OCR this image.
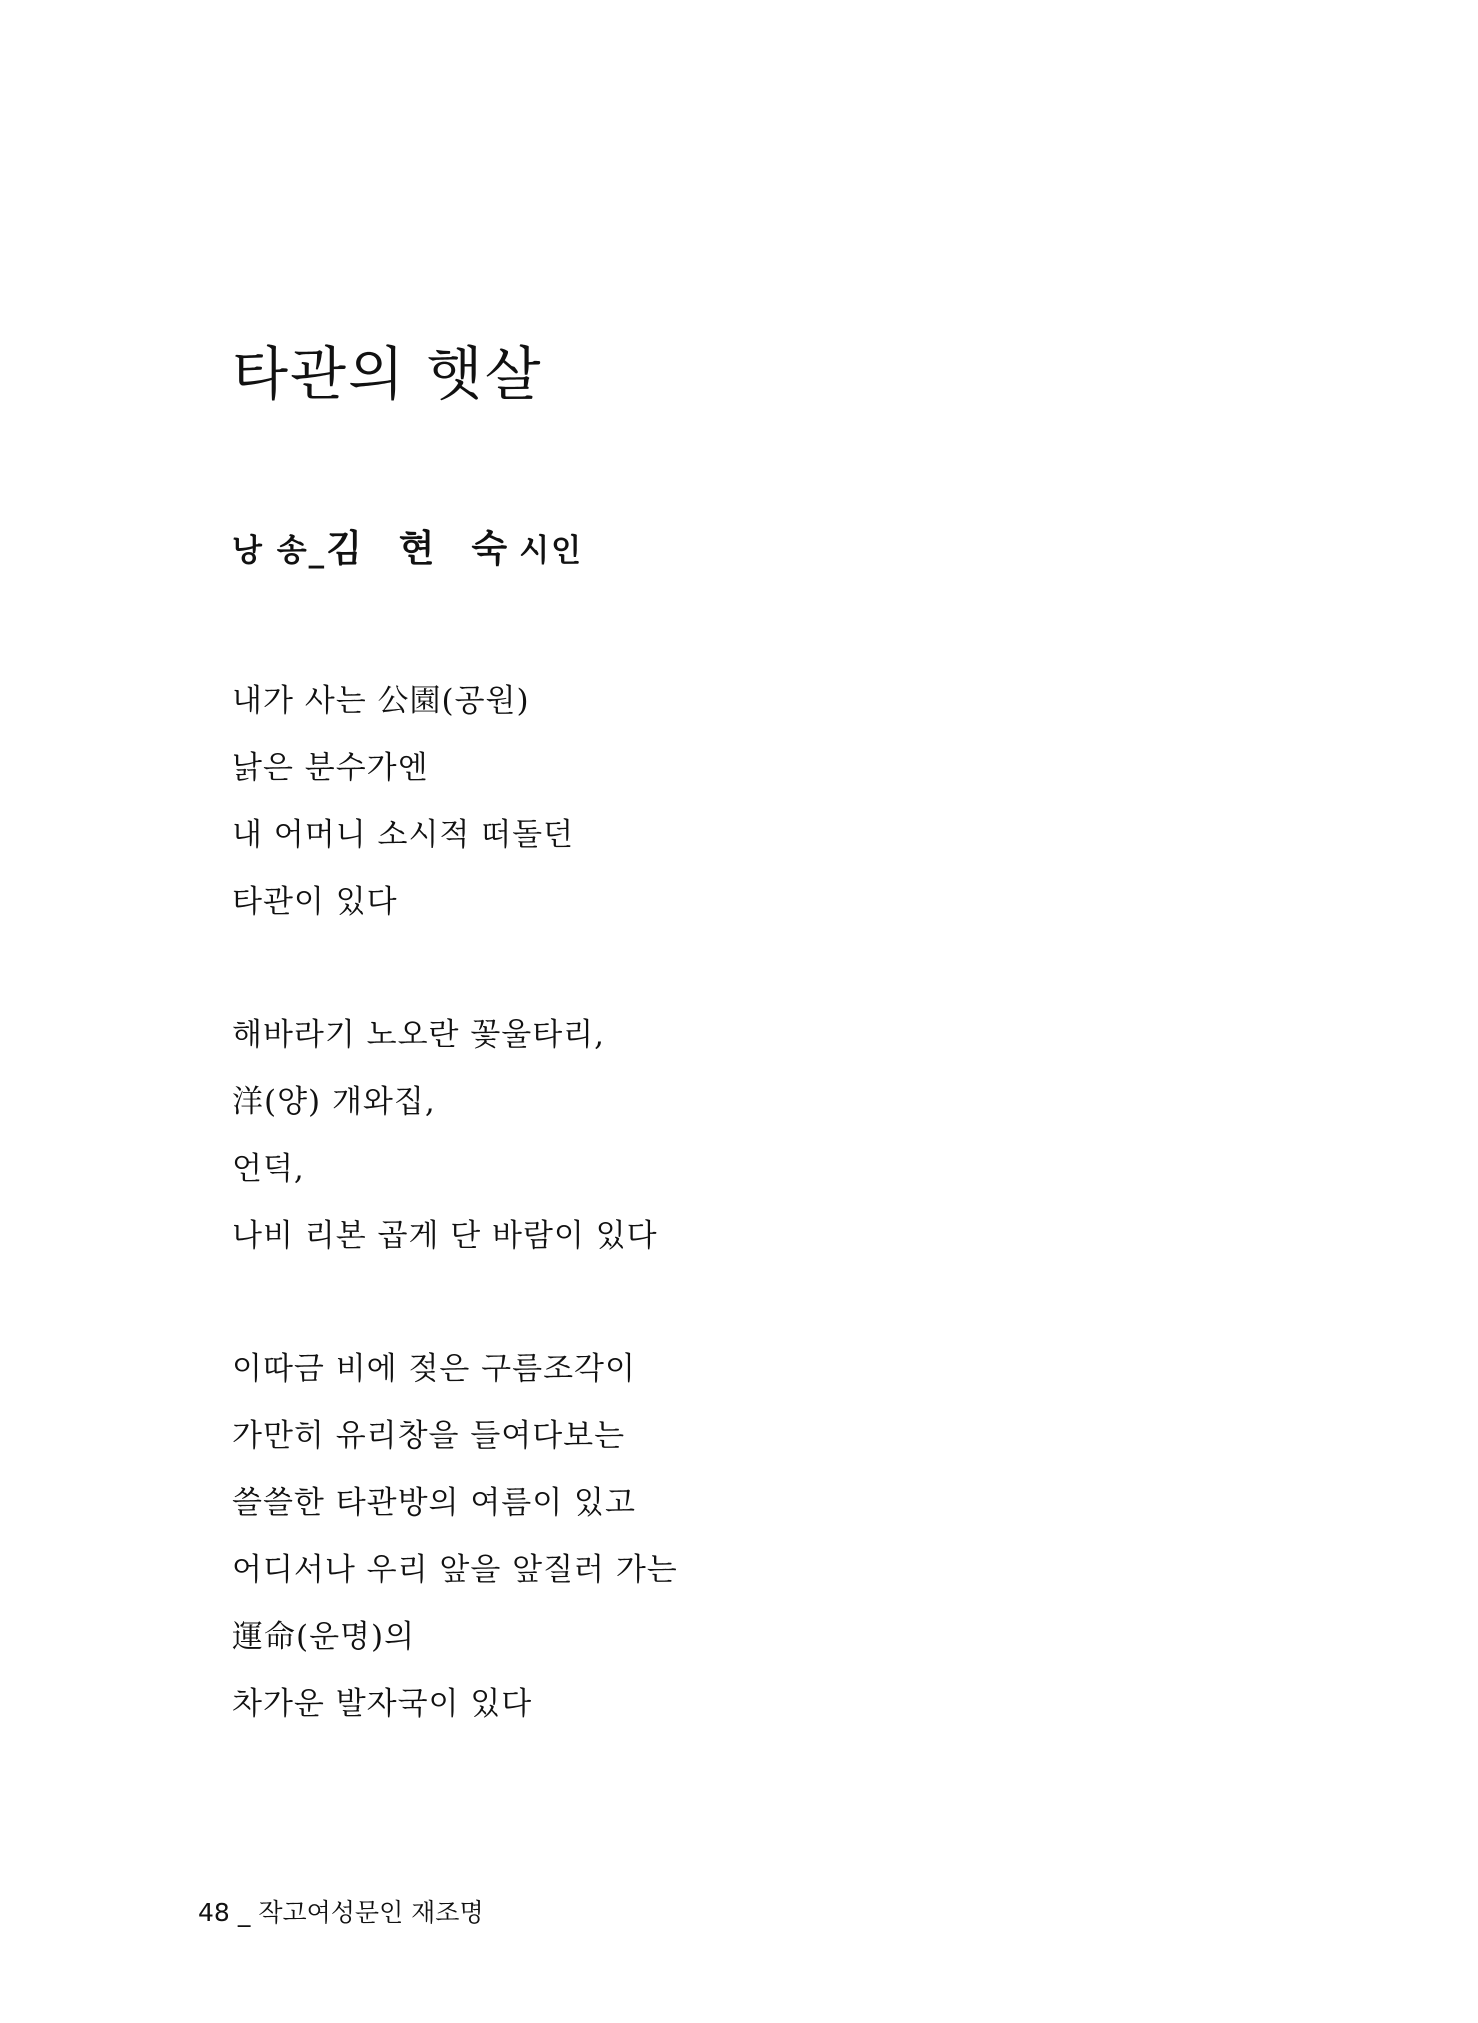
타관의 햇살
낭 송_김 현 숙시인
내가 사는 公園(공원)
낡은 분수가엔
내 어머니 소시적 떠돌던
타관이 있다
해바라기 노오란 꽃울타리,
洋(양) 개와집,
언덕,
나비 리본 곱게 단 바람이 있다
이따금 비에 젖은 구름조각이
가만히 유리창을 들여다보는
쓸쓸한 타관방의 여름이 있고
어디서나 우리 앞을 앞질러 가는
運命(운명)의
차가운 발자국이 있다
48 _ 작고여성문인 재조명
